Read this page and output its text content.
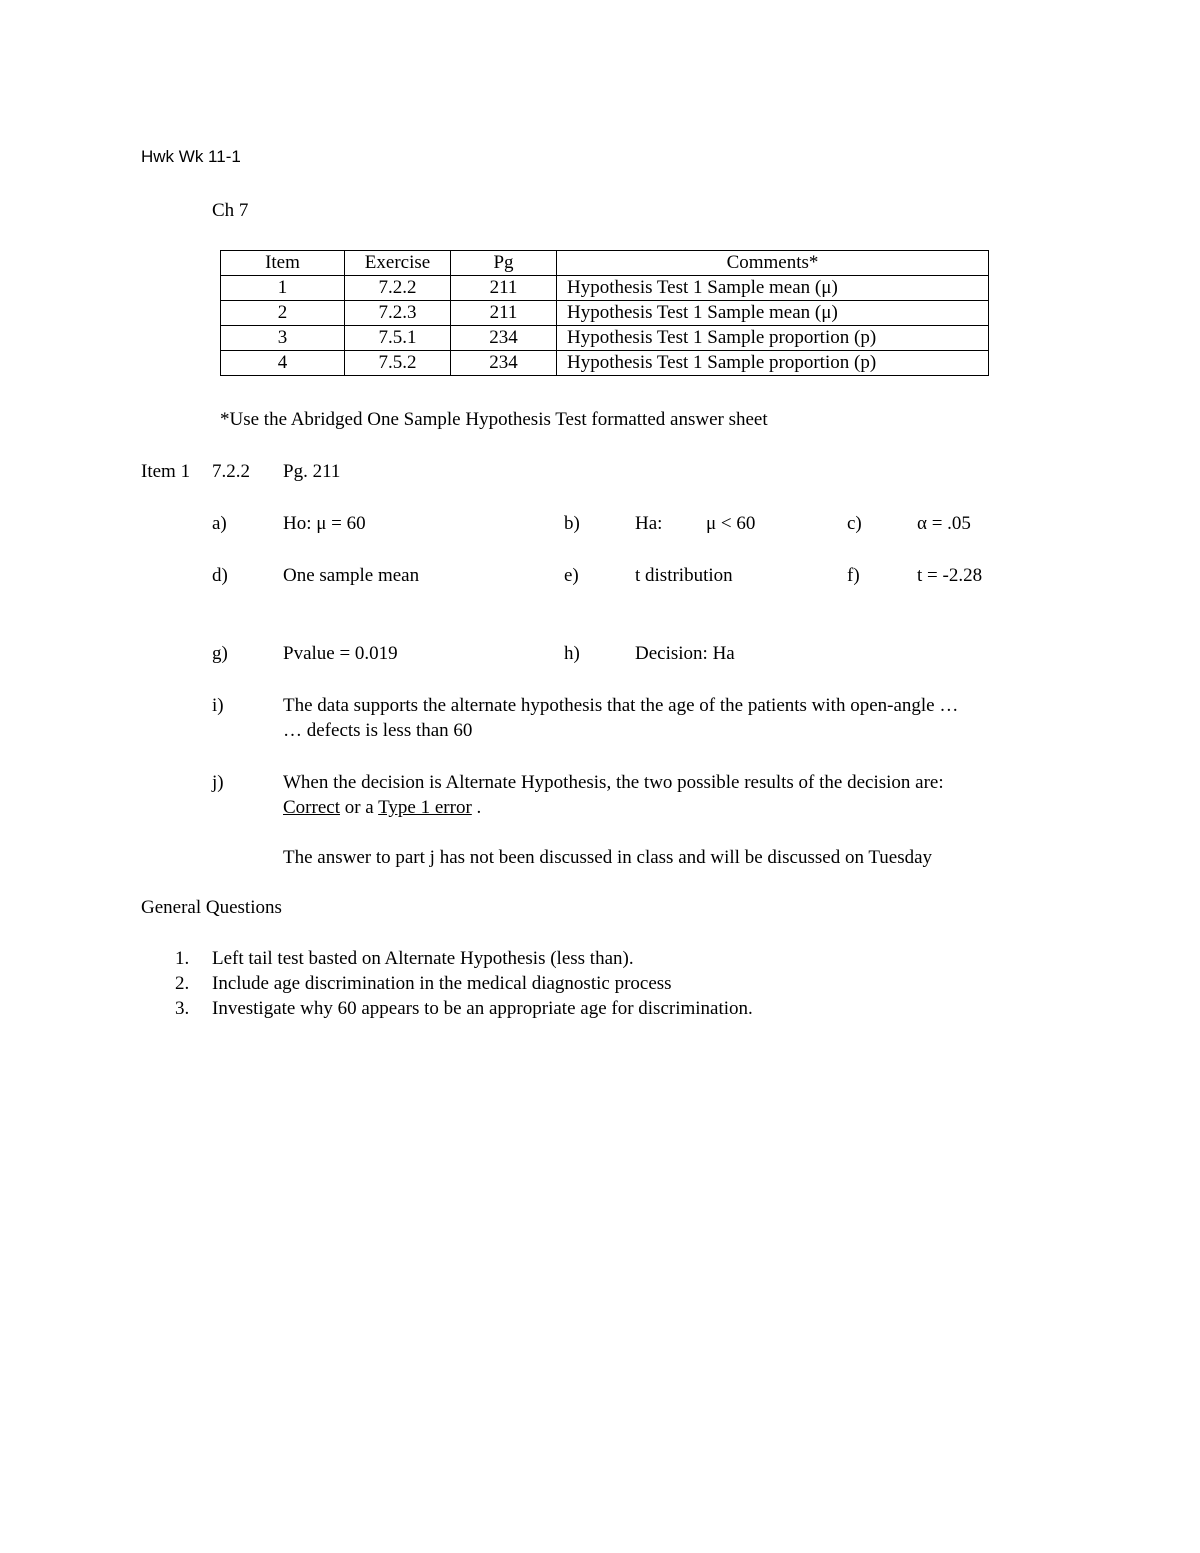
Hwk Wk 11-1
Ch 7
Item	Exercise	Pg	Comments*
1	7.2.2	211	Hypothesis Test 1 Sample mean (μ)
2	7.2.3	211	Hypothesis Test 1 Sample mean (μ)
3	7.5.1	234	Hypothesis Test 1 Sample proportion (p)
4	7.5.2	234	Hypothesis Test 1 Sample proportion (p)
*Use the Abridged One Sample Hypothesis Test formatted answer sheet
Item 1 7.2.2 Pg. 211
a)	Ho: μ = 60	b)	Ha: μ < 60	c)	α = .05
d)	One sample mean	e)	t distribution	f)	t = -2.28
g)	Pvalue = 0.019	h)	Decision: Ha
i)	The data supports the alternate hypothesis that the age of the patients with open-angle …
… defects is less than 60
j)	When the decision is Alternate Hypothesis, the two possible results of the decision are:
Correct or a Type 1 error .
The answer to part j has not been discussed in class and will be discussed on Tuesday
General Questions
1. Left tail test basted on Alternate Hypothesis (less than).
2. Include age discrimination in the medical diagnostic process
3. Investigate why 60 appears to be an appropriate age for discrimination.
